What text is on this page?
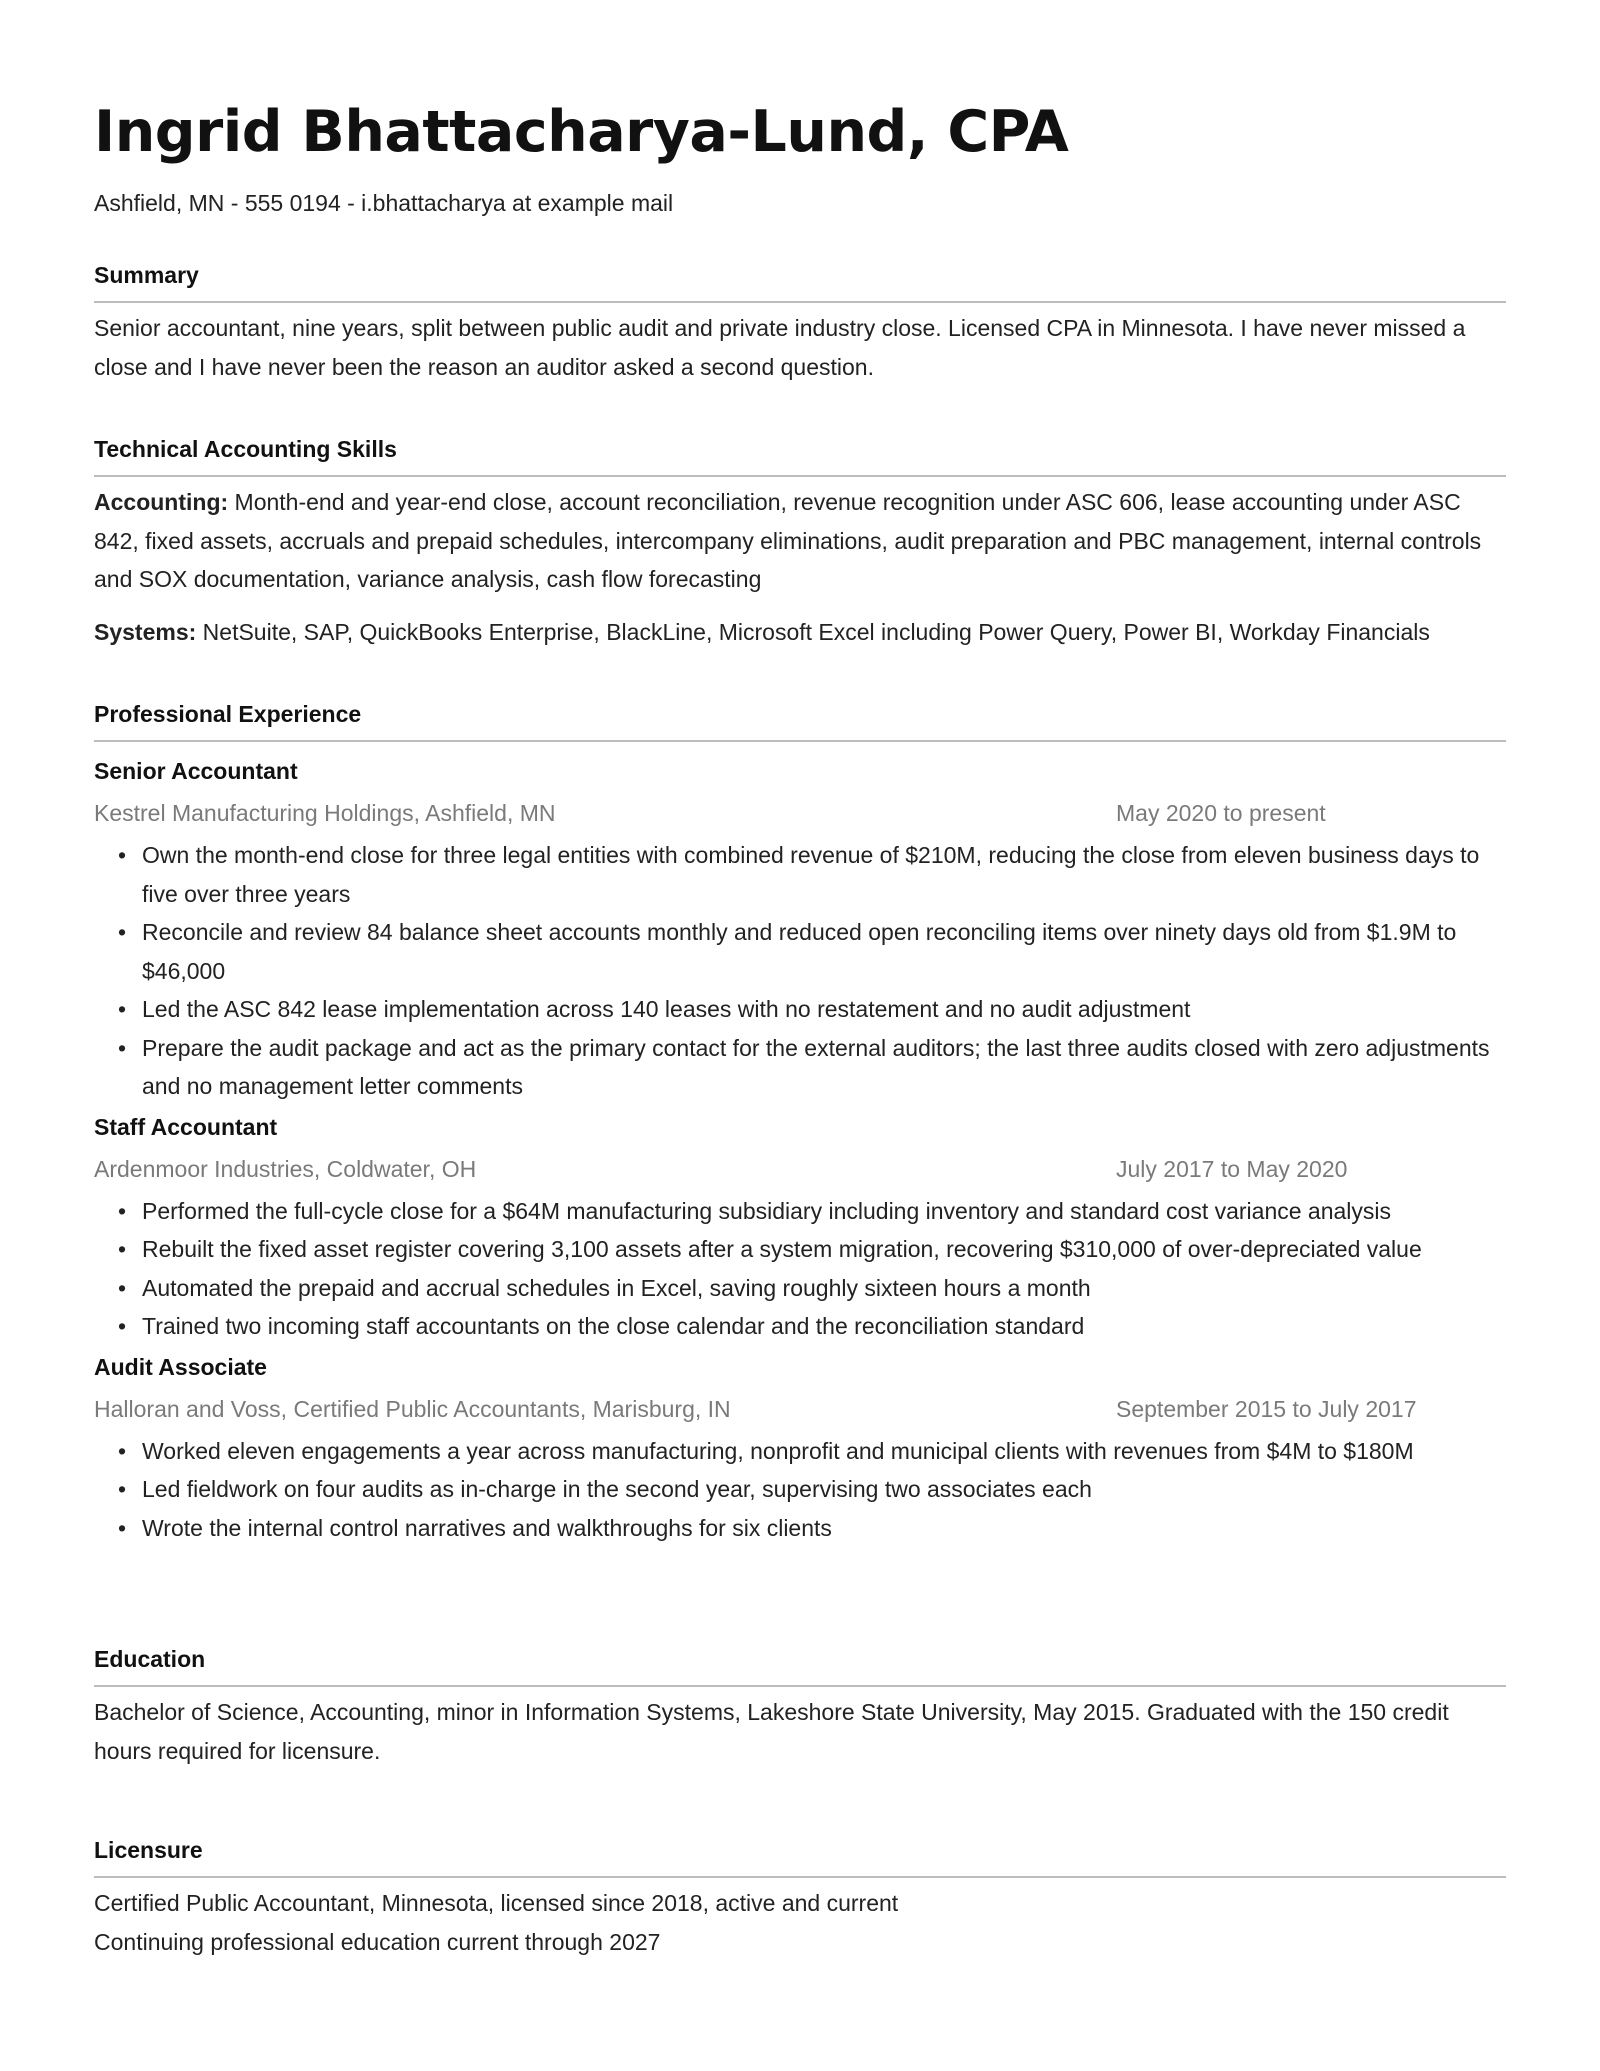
Ingrid Bhattacharya-Lund, CPA
Ashfield, MN - 555 0194 - i.bhattacharya at example mail
Summary

Senior accountant, nine years, split between public audit and private industry close. Licensed CPA in Minnesota. I have never missed a close and I have never been the reason an auditor asked a second question.

Technical Accounting Skills

Accounting: Month-end and year-end close, account reconciliation, revenue recognition under ASC 606, lease accounting under ASC 842, fixed assets, accruals and prepaid schedules, intercompany eliminations, audit preparation and PBC management, internal controls and SOX documentation, variance analysis, cash flow forecasting

Systems: NetSuite, SAP, QuickBooks Enterprise, BlackLine, Microsoft Excel including Power Query, Power BI, Workday Financials

Professional Experience
Senior Accountant
Kestrel Manufacturing Holdings, Ashfield, MN	May 2020 to present
• Own the month-end close for three legal entities with combined revenue of $210M, reducing the close from eleven business days to five over three years
• Reconcile and review 84 balance sheet accounts monthly and reduced open reconciling items over ninety days old from $1.9M to $46,000
• Led the ASC 842 lease implementation across 140 leases with no restatement and no audit adjustment
• Prepare the audit package and act as the primary contact for the external auditors; the last three audits closed with zero adjustments and no management letter comments
Staff Accountant
Ardenmoor Industries, Coldwater, OH	July 2017 to May 2020
• Performed the full-cycle close for a $64M manufacturing subsidiary including inventory and standard cost variance analysis
• Rebuilt the fixed asset register covering 3,100 assets after a system migration, recovering $310,000 of over-depreciated value
• Automated the prepaid and accrual schedules in Excel, saving roughly sixteen hours a month
• Trained two incoming staff accountants on the close calendar and the reconciliation standard
Audit Associate
Halloran and Voss, Certified Public Accountants, Marisburg, IN	September 2015 to July 2017
• Worked eleven engagements a year across manufacturing, nonprofit and municipal clients with revenues from $4M to $180M
• Led fieldwork on four audits as in-charge in the second year, supervising two associates each
• Wrote the internal control narratives and walkthroughs for six clients
Education

Bachelor of Science, Accounting, minor in Information Systems, Lakeshore State University, May 2015. Graduated with the 150 credit hours required for licensure.

Licensure

Certified Public Accountant, Minnesota, licensed since 2018, active and current

Continuing professional education current through 2027
